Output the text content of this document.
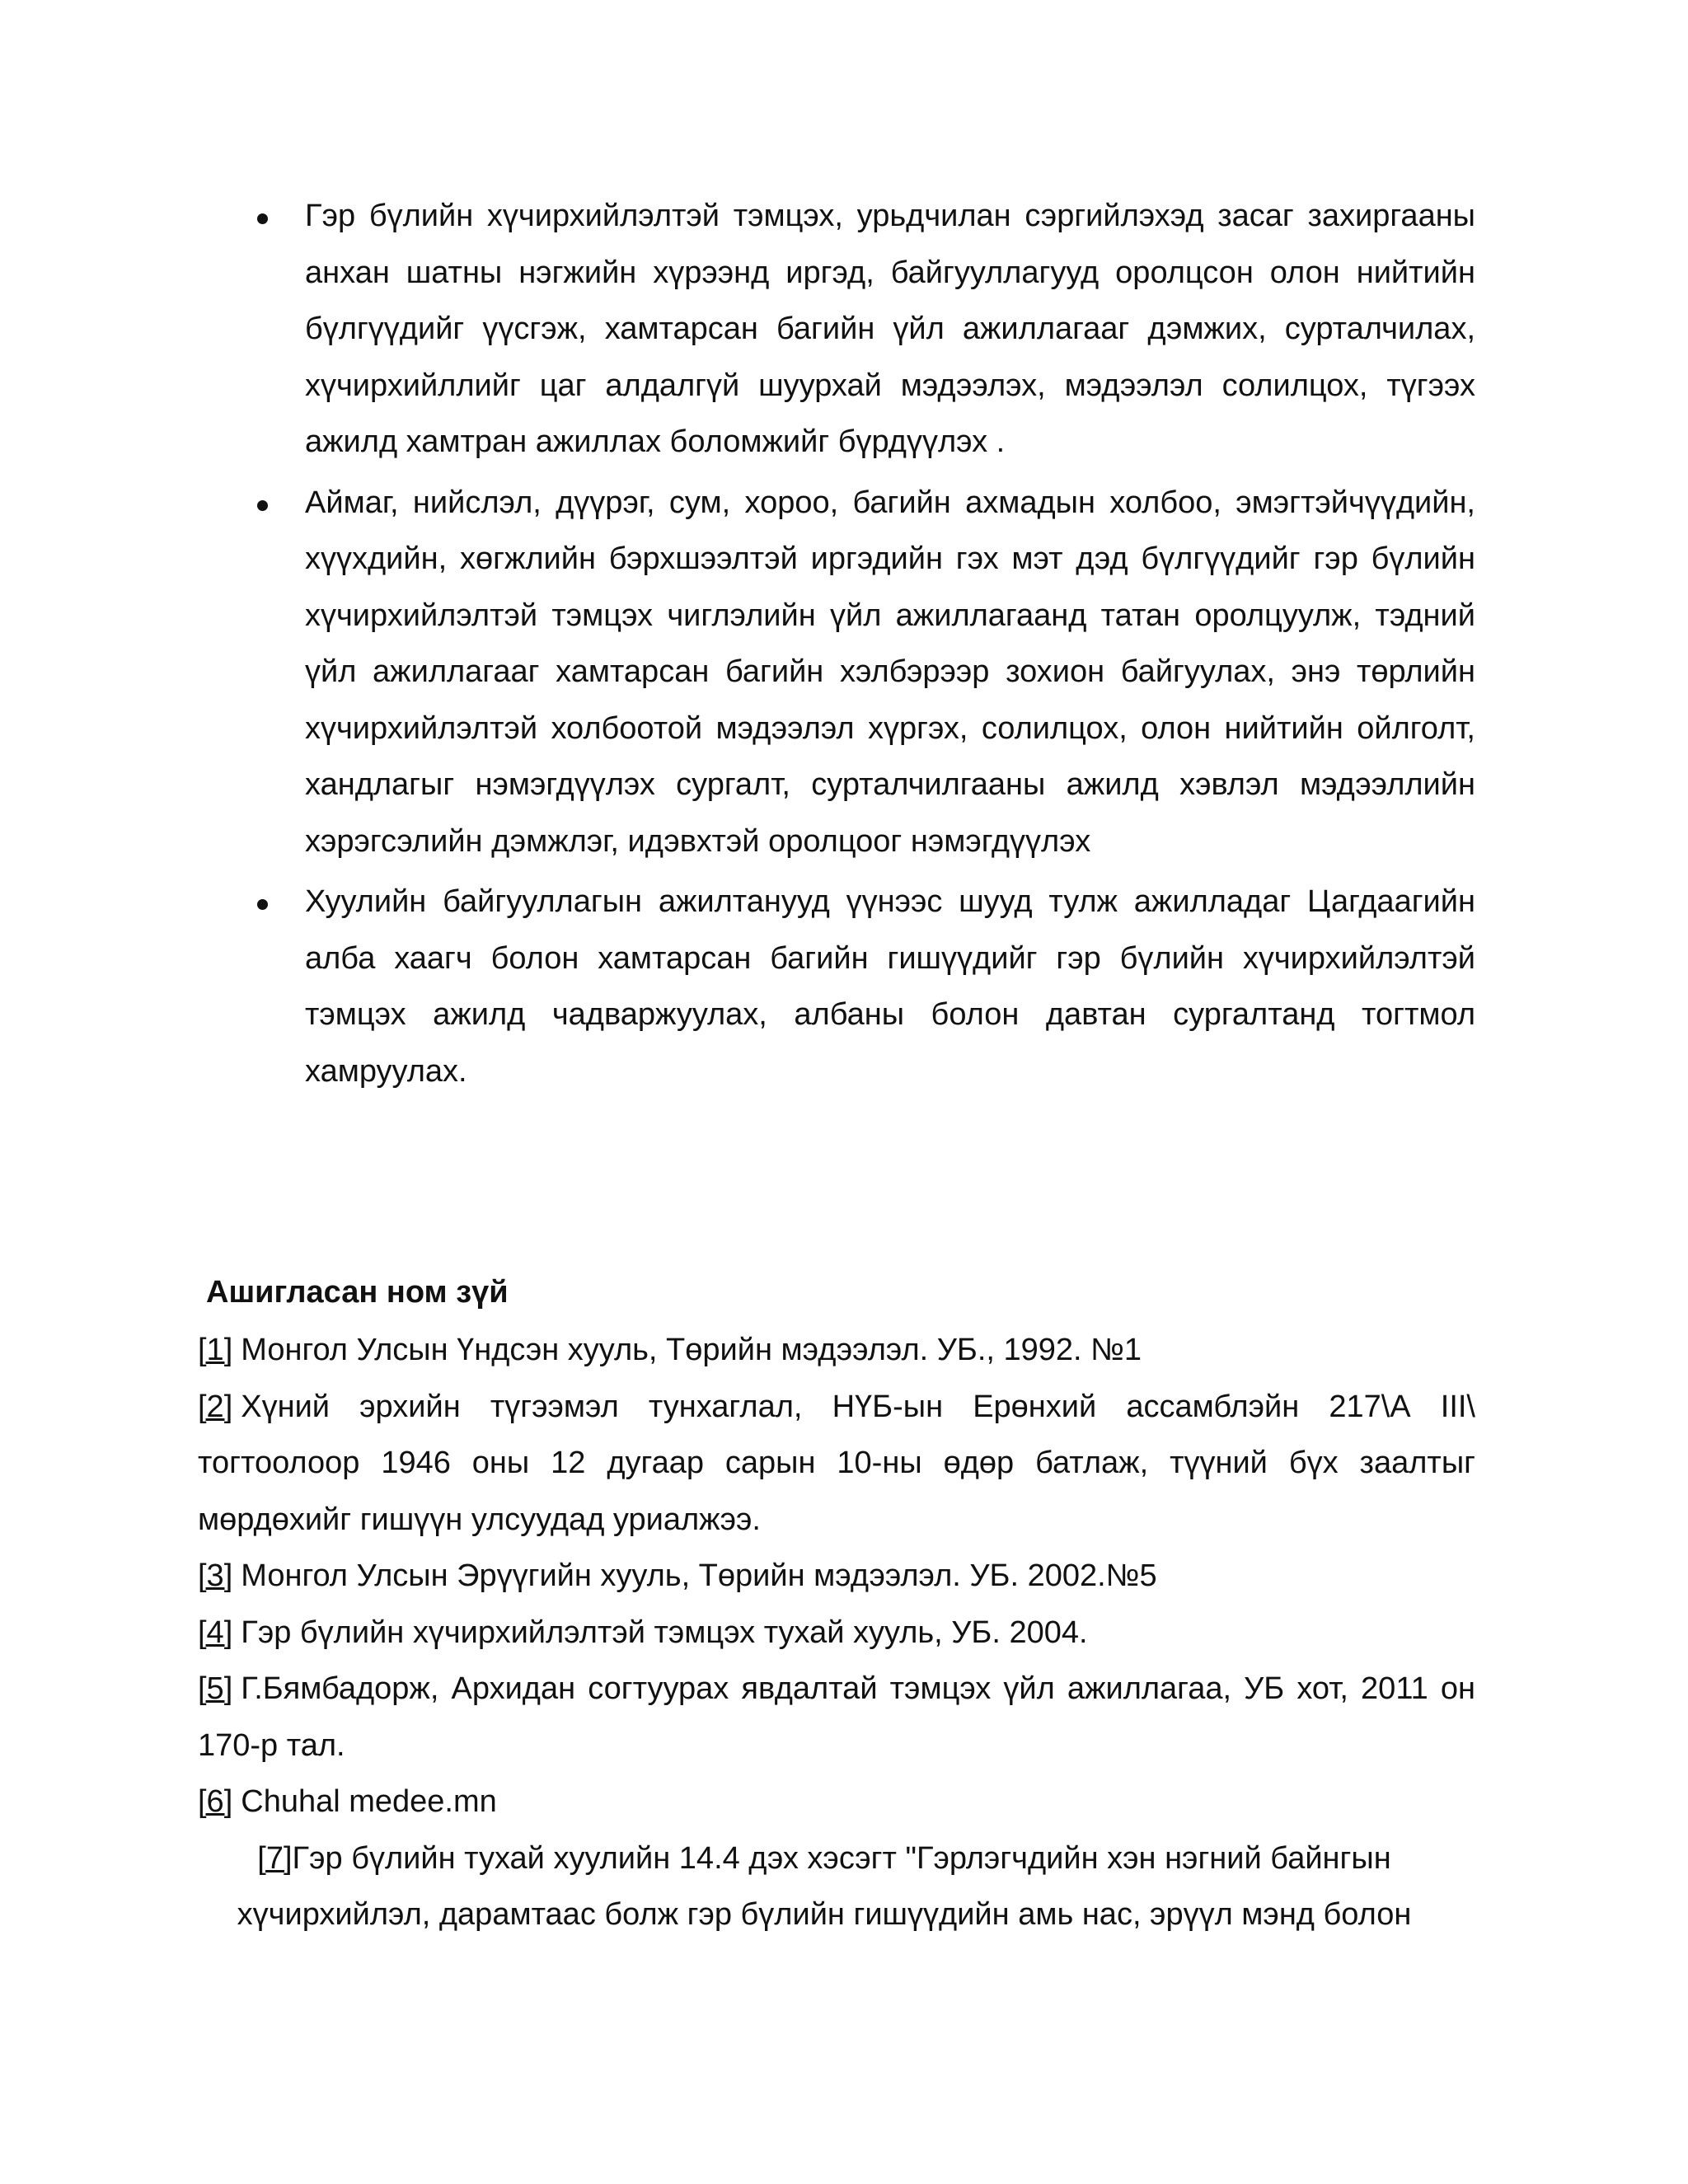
Гэр бүлийн хүчирхийлэлтэй тэмцэх, урьдчилан сэргийлэхэд засаг захиргааны анхан шатны нэгжийн хүрээнд иргэд, байгууллагууд оролцсон олон нийтийн бүлгүүдийг үүсгэж, хамтарсан багийн үйл ажиллагааг дэмжих, сурталчилах, хүчирхийллийг цаг алдалгүй шуурхай мэдээлэх, мэдээлэл солилцох, түгээх ажилд хамтран ажиллах боломжийг бүрдүүлэх .
Аймаг, нийслэл, дүүрэг, сум, хороо, багийн ахмадын холбоо, эмэгтэйчүүдийн, хүүхдийн, хөгжлийн бэрхшээлтэй иргэдийн гэх мэт дэд бүлгүүдийг гэр бүлийн хүчирхийлэлтэй тэмцэх чиглэлийн үйл ажиллагаанд татан оролцуулж, тэдний үйл ажиллагааг хамтарсан багийн хэлбэрээр зохион байгуулах, энэ төрлийн хүчирхийлэлтэй холбоотой мэдээлэл хүргэх, солилцох, олон нийтийн ойлголт, хандлагыг нэмэгдүүлэх сургалт, сурталчилгааны ажилд хэвлэл мэдээллийн хэрэгсэлийн дэмжлэг, идэвхтэй оролцоог нэмэгдүүлэх
Хуулийн байгууллагын ажилтанууд үүнээс шууд тулж ажилладаг Цагдаагийн алба хаагч болон хамтарсан багийн гишүүдийг гэр бүлийн хүчирхийлэлтэй тэмцэх ажилд чадваржуулах, албаны болон давтан сургалтанд тогтмол хамруулах.
Ашигласан ном зүй

[1] Монгол Улсын Үндсэн хууль, Төрийн мэдээлэл. УБ., 1992. №1

[2] Хүний эрхийн түгээмэл тунхаглал, НҮБ-ын Ерөнхий ассамблэйн 217\А III\ тогтоолоор 1946 оны 12 дугаар сарын 10-ны өдөр батлаж, түүний бүх заалтыг мөрдөхийг гишүүн улсуудад уриалжээ.

[3] Монгол Улсын Эрүүгийн хууль, Төрийн мэдээлэл. УБ. 2002.№5

[4] Гэр бүлийн хүчирхийлэлтэй тэмцэх тухай хууль, УБ. 2004.

[5] Г.Бямбадорж, Архидан согтуурах явдалтай тэмцэх үйл ажиллагаа, УБ хот, 2011 он 170-р тал.

[6] Chuhal medee.mn

[7]Гэр бүлийн тухай хуулийн 14.4 дэх хэсэгт "Гэрлэгчдийн хэн нэгний байнгын хүчирхийлэл, дарамтаас болж гэр бүлийн гишүүдийн амь нас, эрүүл мэнд болон
